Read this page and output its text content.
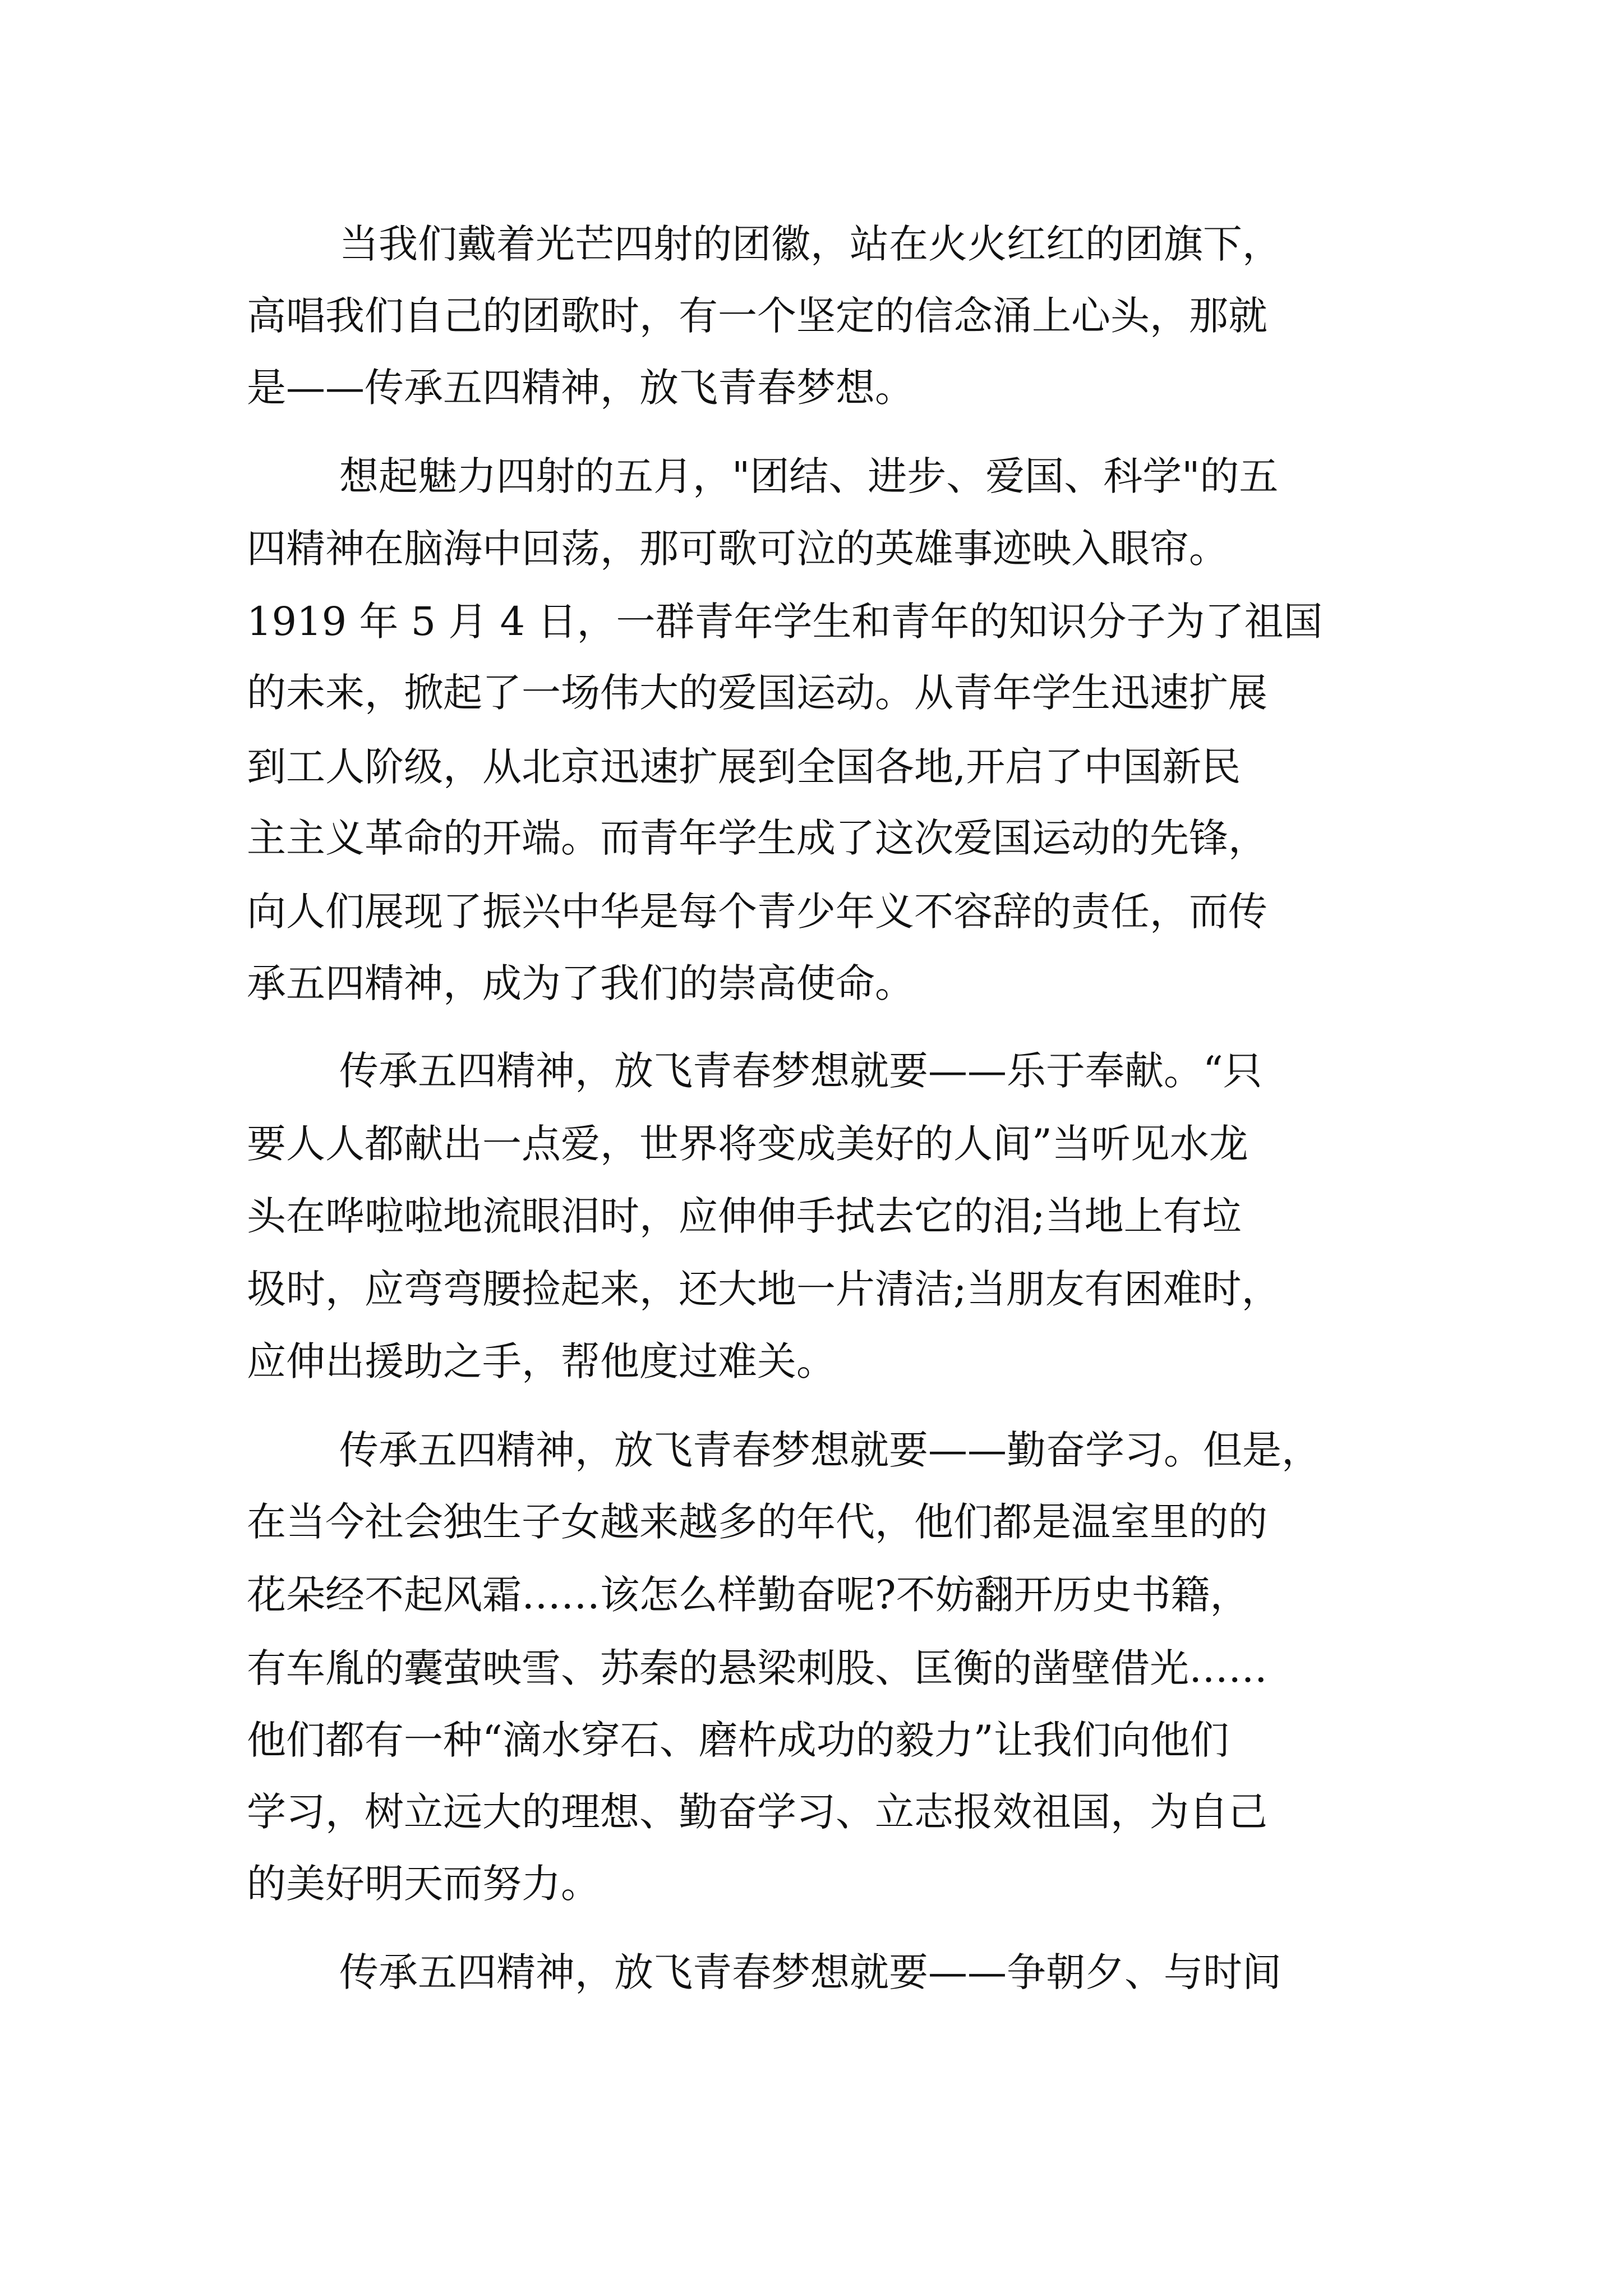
当我们戴着光芒四射的团徽，站在火火红红的团旗下，
高唱我们自己的团歌时，有一个坚定的信念涌上心头，那就
是——传承五四精神，放飞青春梦想。
想起魅力四射的五月，"团结、进步、爱国、科学"的五
四精神在脑海中回荡，那可歌可泣的英雄事迹映入眼帘。
1919 年 5 月 4 日，一群青年学生和青年的知识分子为了祖国
的未来，掀起了一场伟大的爱国运动。从青年学生迅速扩展
到工人阶级，从北京迅速扩展到全国各地,开启了中国新民
主主义革命的开端。而青年学生成了这次爱国运动的先锋，
向人们展现了振兴中华是每个青少年义不容辞的责任，而传
承五四精神，成为了我们的崇高使命。
传承五四精神，放飞青春梦想就要——乐于奉献。“只
要人人都献出一点爱，世界将变成美好的人间”当听见水龙
头在哗啦啦地流眼泪时，应伸伸手拭去它的泪;当地上有垃
圾时，应弯弯腰捡起来，还大地一片清洁;当朋友有困难时，
应伸出援助之手，帮他度过难关。
传承五四精神，放飞青春梦想就要——勤奋学习。但是，
在当今社会独生子女越来越多的年代，他们都是温室里的的
花朵经不起风霜……该怎么样勤奋呢?不妨翻开历史书籍，
有车胤的囊萤映雪、苏秦的悬梁刺股、匡衡的凿壁借光……
他们都有一种“滴水穿石、磨杵成功的毅力”让我们向他们
学习，树立远大的理想、勤奋学习、立志报效祖国，为自己
的美好明天而努力。
传承五四精神，放飞青春梦想就要——争朝夕、与时间
